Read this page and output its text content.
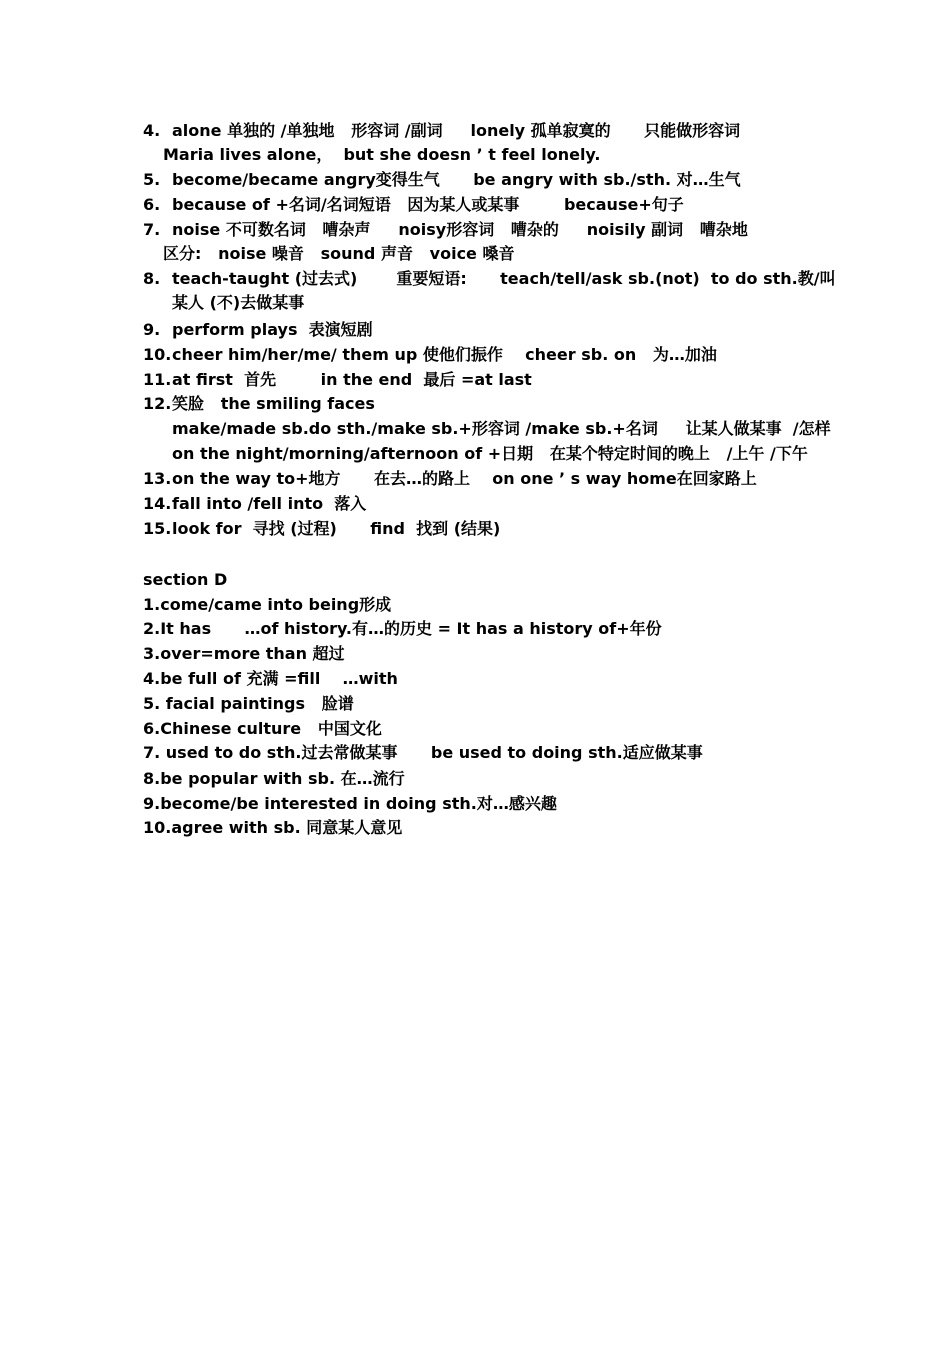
4. alone 单独的 /单独地   形容词 /副词     lonely 孤单寂寞的      只能做形容词
Maria lives alone，  but she doesn ’ t feel lonely.
5. become/became angry变得生气      be angry with sb./sth. 对…生气
6. because of +名词/名词短语   因为某人或某事        because+句子
7. noise 不可数名词   嘈杂声     noisy形容词   嘈杂的     noisily 副词   嘈杂地
区分:   noise 噪音   sound 声音   voice 嗓音
8. teach-taught (过去式)       重要短语:      teach/tell/ask sb.(not)  to do sth.教/叫
某人 (不)去做某事
9. perform plays  表演短剧
10.cheer him/her/me/ them up 使他们振作    cheer sb. on   为…加油
11.at first  首先        in the end  最后 =at last
12.笑脸   the smiling faces
make/made sb.do sth./make sb.+形容词 /make sb.+名词     让某人做某事  /怎样
on the night/morning/afternoon of +日期   在某个特定时间的晚上   /上午 /下午
13.on the way to+地方      在去…的路上    on one ’ s way home在回家路上
14.fall into /fell into  落入
15.look for  寻找 (过程)      find  找到 (结果)
section D
1.come/came into being形成
2.It has      …of history.有…的历史 = It has a history of+年份
3.over=more than 超过
4.be full of 充满 =fill    …with
5. facial paintings   脸谱
6.Chinese culture   中国文化
7. used to do sth.过去常做某事      be used to doing sth.适应做某事
8.be popular with sb. 在…流行
9.become/be interested in doing sth.对…感兴趣
10.agree with sb. 同意某人意见
